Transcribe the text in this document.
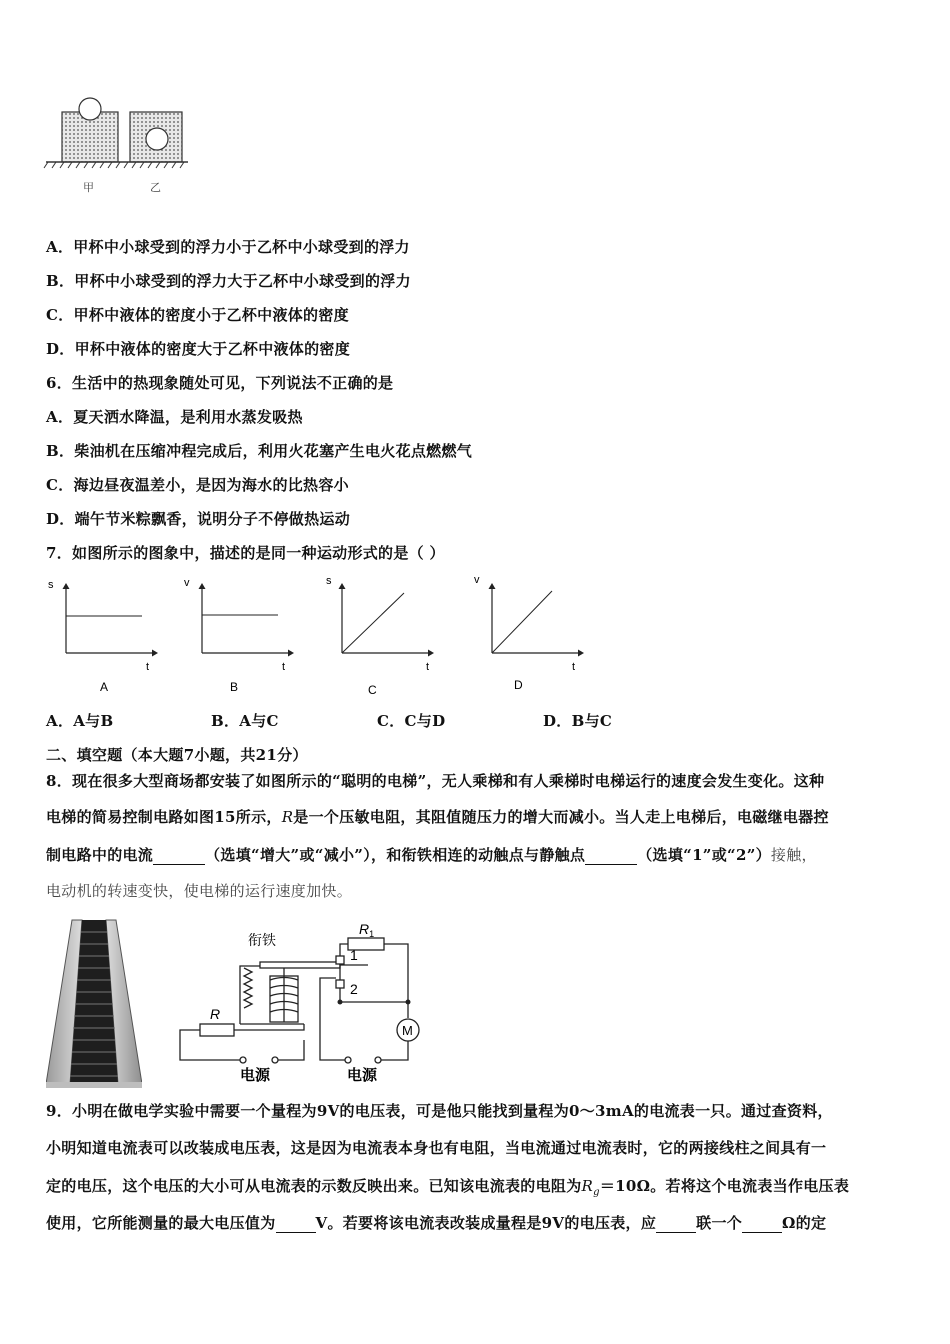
甲	乙
A．甲杯中小球受到的浮力小于乙杯中小球受到的浮力
B．甲杯中小球受到的浮力大于乙杯中小球受到的浮力
C．甲杯中液体的密度小于乙杯中液体的密度
D．甲杯中液体的密度大于乙杯中液体的密度
6．生活中的热现象随处可见，下列说法不正确的是
A．夏天洒水降温，是利用水蒸发吸热
B．柴油机在压缩冲程完成后，利用火花塞产生电火花点燃燃气
C．海边昼夜温差小，是因为海水的比热容小
D．端午节米粽飘香，说明分子不停做热运动
7．如图所示的图象中，描述的是同一种运动形式的是（ ）
s
t
A
v
t
B
s
t
C
v
t
D
A．A与B	B．A与C	C．C与D	D．B与C
二、填空题（本大题7小题，共21分）
8．现在很多大型商场都安装了如图所示的“聪明的电梯”，无人乘梯和有人乘梯时电梯运行的速度会发生变化。这种
电梯的简易控制电路如图15所示，R是一个压敏电阻，其阻值随压力的增大而减小。当人走上电梯后，电磁继电器控
制电路中的电流	（选填“增大”或“减小”），和衔铁相连的动触点与静触点	（选填“1”或“2”）接触，
电动机的转速变快，使电梯的运行速度加快。
衔铁
$R_1$
1
2
R
M
电源	电源
9．小明在做电学实验中需要一个量程为9V的电压表，可是他只能找到量程为0～3mA的电流表一只。通过查资料，
小明知道电流表可以改装成电压表，这是因为电流表本身也有电阻，当电流通过电流表时，它的两接线柱之间具有一
定的电压，这个电压的大小可从电流表的示数反映出来。已知该电流表的电阻为$R_g=10\Omega$。若将这个电流表当作电压表
使用，它所能测量的最大电压值为	V。若要将该电流表改装成量程是9V的电压表，应	联一个	Ω的定
